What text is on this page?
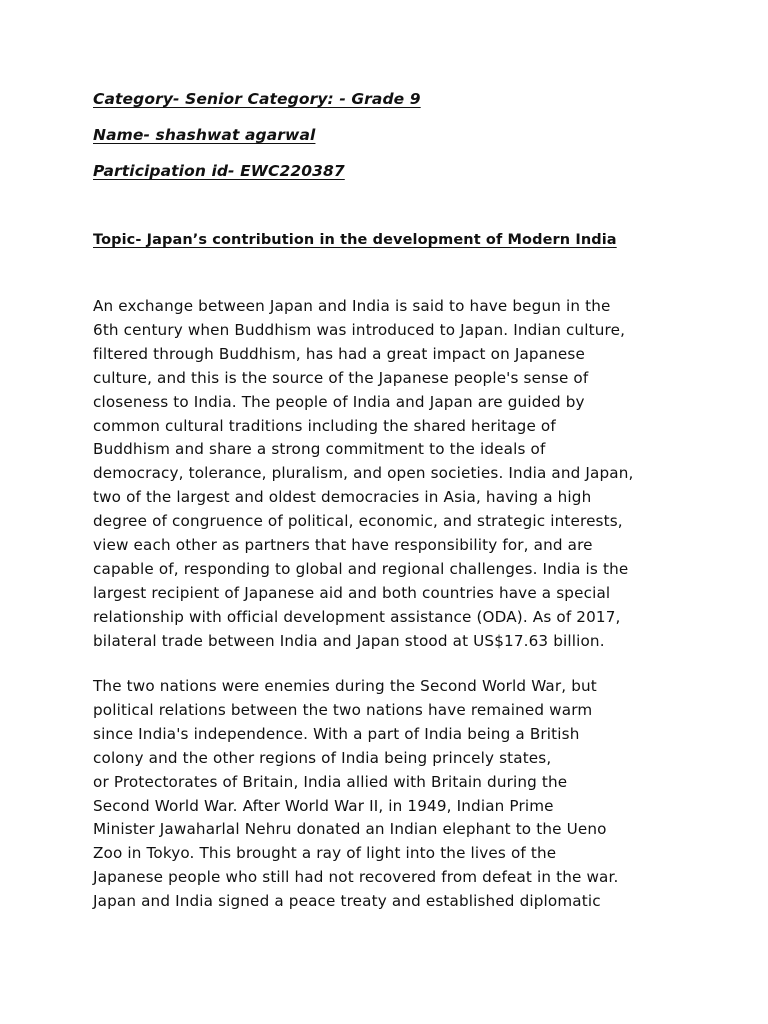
Category- Senior Category: - Grade 9
Name- shashwat agarwal
Participation id- EWC220387
Topic- Japan’s contribution in the development of Modern India
An exchange between Japan and India is said to have begun in the
6th century when Buddhism was introduced to Japan. Indian culture,
filtered through Buddhism, has had a great impact on Japanese
culture, and this is the source of the Japanese people's sense of
closeness to India. The people of India and Japan are guided by
common cultural traditions including the shared heritage of
Buddhism and share a strong commitment to the ideals of
democracy, tolerance, pluralism, and open societies. India and Japan,
two of the largest and oldest democracies in Asia, having a high
degree of congruence of political, economic, and strategic interests,
view each other as partners that have responsibility for, and are
capable of, responding to global and regional challenges. India is the
largest recipient of Japanese aid and both countries have a special
relationship with official development assistance (ODA). As of 2017,
bilateral trade between India and Japan stood at US$17.63 billion.
The two nations were enemies during the Second World War, but
political relations between the two nations have remained warm
since India's independence. With a part of India being a British
colony and the other regions of India being princely states,
or Protectorates of Britain, India allied with Britain during the
Second World War. After World War II, in 1949, Indian Prime
Minister Jawaharlal Nehru donated an Indian elephant to the Ueno
Zoo in Tokyo. This brought a ray of light into the lives of the
Japanese people who still had not recovered from defeat in the war.
Japan and India signed a peace treaty and established diplomatic
